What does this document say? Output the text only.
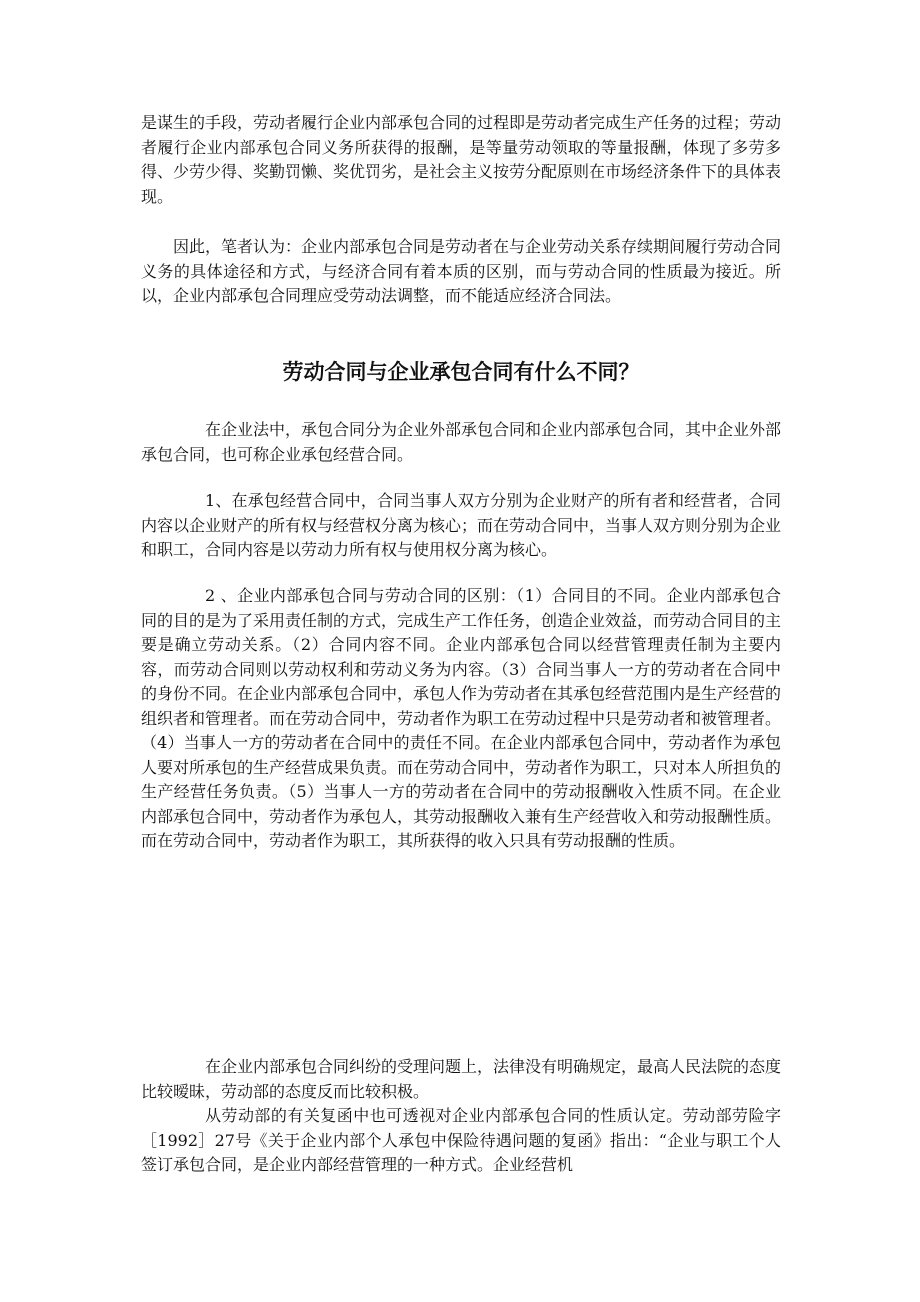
是谋生的手段，劳动者履行企业内部承包合同的过程即是劳动者完成生产任务的过程；劳动者履行企业内部承包合同义务所获得的报酬，是等量劳动领取的等量报酬，体现了多劳多得、少劳少得、奖勤罚懒、奖优罚劣，是社会主义按劳分配原则在市场经济条件下的具体表现。

因此，笔者认为：企业内部承包合同是劳动者在与企业劳动关系存续期间履行劳动合同义务的具体途径和方式，与经济合同有着本质的区别，而与劳动合同的性质最为接近。所以，企业内部承包合同理应受劳动法调整，而不能适应经济合同法。

劳动合同与企业承包合同有什么不同？

在企业法中，承包合同分为企业外部承包合同和企业内部承包合同，其中企业外部承包合同，也可称企业承包经营合同。

1、在承包经营合同中，合同当事人双方分别为企业财产的所有者和经营者，合同内容以企业财产的所有权与经营权分离为核心；而在劳动合同中，当事人双方则分别为企业和职工，合同内容是以劳动力所有权与使用权分离为核心。

2 、企业内部承包合同与劳动合同的区别：（1）合同目的不同。企业内部承包合同的目的是为了采用责任制的方式，完成生产工作任务，创造企业效益，而劳动合同目的主要是确立劳动关系。（2）合同内容不同。企业内部承包合同以经营管理责任制为主要内容，而劳动合同则以劳动权利和劳动义务为内容。（3）合同当事人一方的劳动者在合同中的身份不同。在企业内部承包合同中，承包人作为劳动者在其承包经营范围内是生产经营的组织者和管理者。而在劳动合同中，劳动者作为职工在劳动过程中只是劳动者和被管理者。（4）当事人一方的劳动者在合同中的责任不同。在企业内部承包合同中，劳动者作为承包人要对所承包的生产经营成果负责。而在劳动合同中，劳动者作为职工，只对本人所担负的生产经营任务负责。（5）当事人一方的劳动者在合同中的劳动报酬收入性质不同。在企业内部承包合同中，劳动者作为承包人，其劳动报酬收入兼有生产经营收入和劳动报酬性质。而在劳动合同中，劳动者作为职工，其所获得的收入只具有劳动报酬的性质。

在企业内部承包合同纠纷的受理问题上，法律没有明确规定，最高人民法院的态度比较暧昧，劳动部的态度反而比较积极。

从劳动部的有关复函中也可透视对企业内部承包合同的性质认定。劳动部劳险字［1992］27号《关于企业内部个人承包中保险待遇问题的复函》指出：“企业与职工个人签订承包合同，是企业内部经营管理的一种方式。企业经营机
